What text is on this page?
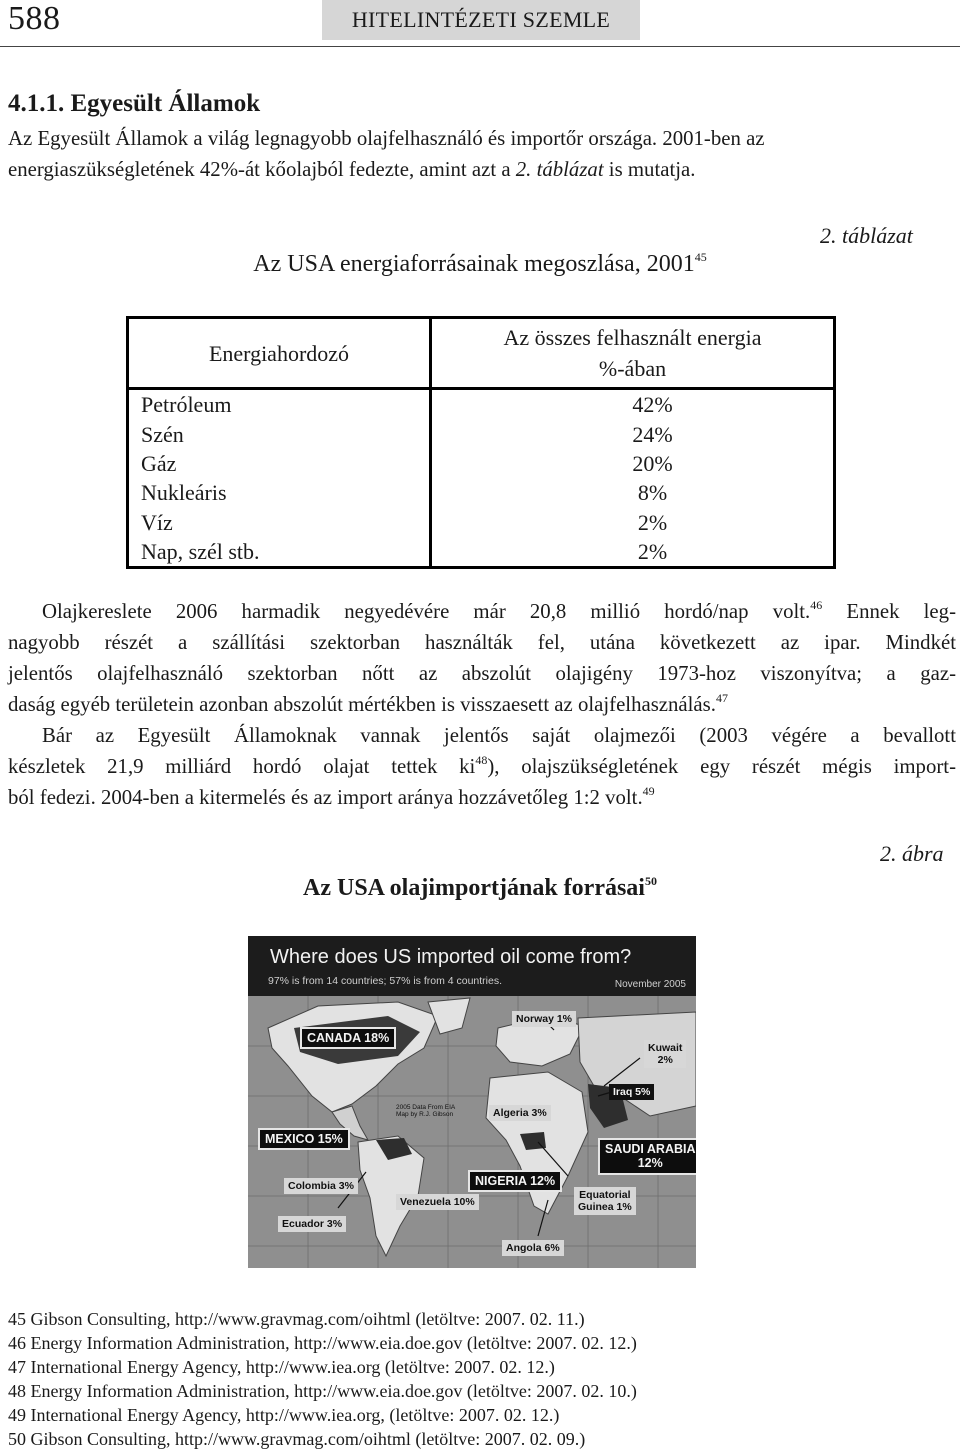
588	HITELINTÉZETI SZEMLE
4.1.1. Egyesült Államok
Az Egyesült Államok a világ legnagyobb olajfelhasználó és importőr országa. 2001-ben az
energiaszükségletének 42%-át kőolajból fedezte, amint azt a 2. táblázat is mutatja.
2. táblázat
Az USA energiaforrásainak megoszlása, 2001$^{45}$
Energiahordozó	Az összes felhasznált energia
%-ában

Petróleum	42%
Szén	24%
Gáz	20%
Nukleáris	8%
Víz	2%
Nap, szél stb.	2%
Olajkereslete 2006 harmadik negyedévére már 20,8 millió hordó/nap volt.$^{46}$ Ennek leg-
nagyobb részét a szállítási szektorban használták fel, utána következett az ipar. Mindkét
jelentős olajfelhasználó szektorban nőtt az abszolút olajigény 1973-hoz viszonyítva; a gaz-
daság egyéb területein azonban abszolút mértékben is visszaesett az olajfelhasználás.$^{47}$
Bár az Egyesült Államoknak vannak jelentős saját olajmezői (2003 végére a bevallott
készletek 21,9 milliárd hordó olajat tettek $ki^{48}$), olajszükségletének egy részét mégis import-
ból fedezi. 2004-ben a kitermelés és az import aránya hozzávetőleg 1:2 volt.$^{49}$
2. ábra
Az USA olajimportjának forrásai$^{50}$
Where does US imported oil come from?
97% is from 14 countries; 57% is from 4 countries.	November 2005
CANADA 18%
Norway 1%
Kuwait
2%
Iraq 5%
2005 Data From EIA
Map by R.J. Gibson	Algeria 3%
MEXICO 15%
SAUDI ARABIA
12%
Colombia 3%	NIGERIA 12%
Venezuela 10%
Equatorial
Guinea 1%
Ecuador 3%
Angola 6%
45 Gibson Consulting, http://www.gravmag.com/oihtml (letöltve: 2007. 02. 11.)
46 Energy Information Administration, http://www.eia.doe.gov (letöltve: 2007. 02. 12.)
47 International Energy Agency, http://www.iea.org (letöltve: 2007. 02. 12.)
48 Energy Information Administration, http://www.eia.doe.gov (letöltve: 2007. 02. 10.)
49 International Energy Agency, http://www.iea.org, (letöltve: 2007. 02. 12.)
50 Gibson Consulting, http://www.gravmag.com/oihtml (letöltve: 2007. 02. 09.)
